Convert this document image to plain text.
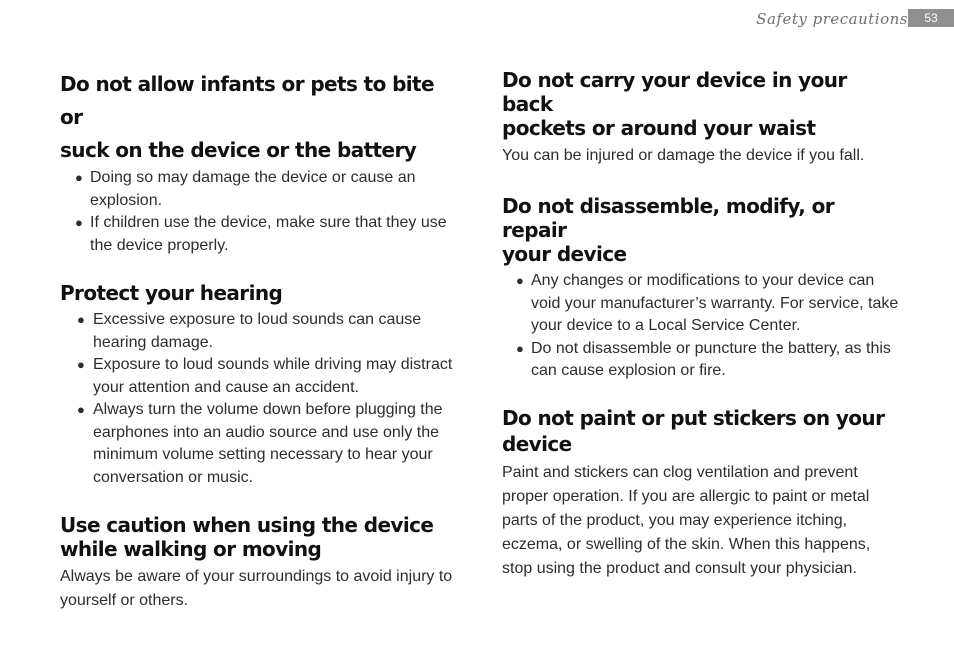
Safety precautions	53
Do not allow infants or pets to bite or
suck on the device or the battery
● Doing so may damage the device or cause an explosion.
● If children use the device, make sure that they use the device properly.
Protect your hearing
● Excessive exposure to loud sounds can cause hearing damage.
● Exposure to loud sounds while driving may distract your attention and cause an accident.
● Always turn the volume down before plugging the earphones into an audio source and use only the minimum volume setting necessary to hear your conversation or music.
Use caution when using the device
while walking or moving

Always be aware of your surroundings to avoid injury to yourself or others.

Do not carry your device in your back
pockets or around your waist

You can be injured or damage the device if you fall.

Do not disassemble, modify, or repair
your device
● Any changes or modifications to your device can void your manufacturer’s warranty. For service, take your device to a Local Service Center.
● Do not disassemble or puncture the battery, as this can cause explosion or fire.
Do not paint or put stickers on your
device

Paint and stickers can clog ventilation and prevent proper operation. If you are allergic to paint or metal parts of the product, you may experience itching, eczema, or swelling of the skin. When this happens, stop using the product and consult your physician.
